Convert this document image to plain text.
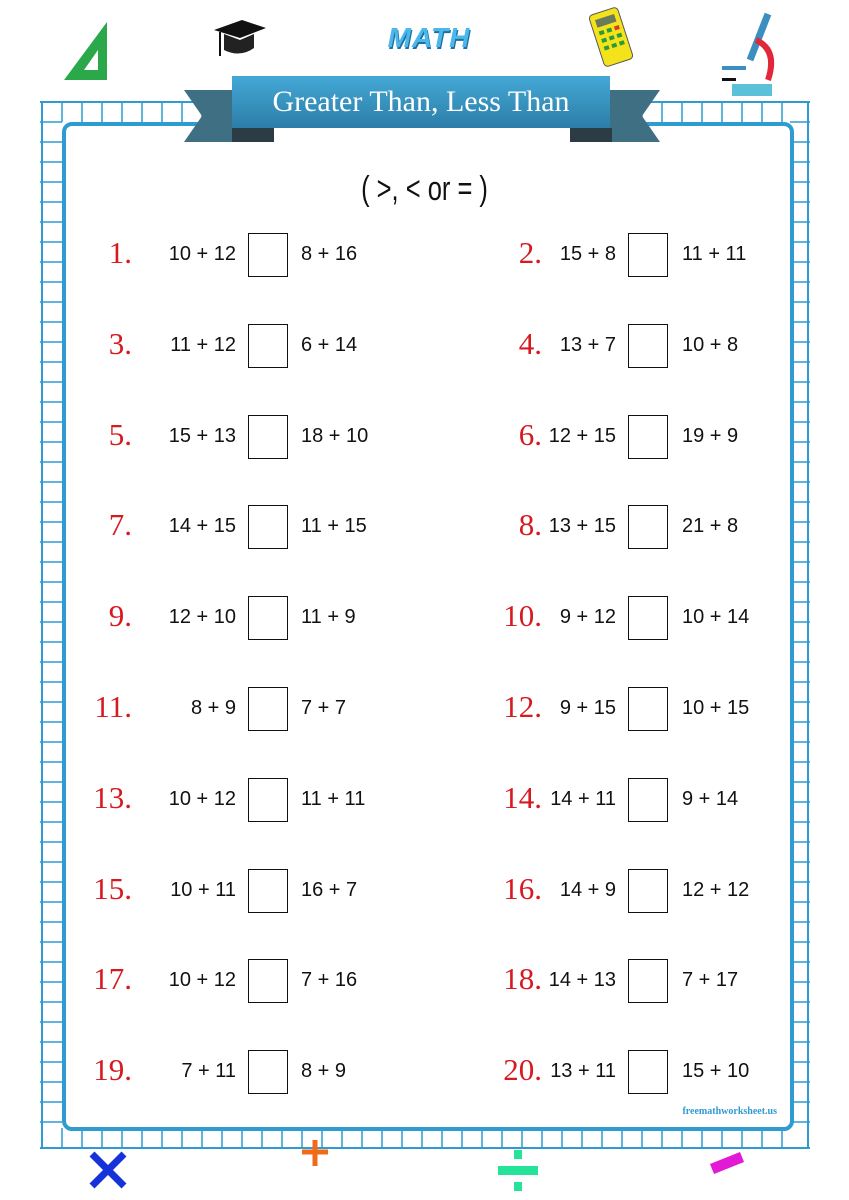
Greater Than, Less Than
MATH
( >, < or = )
1.	10 + 12	8 + 16	2. 15 + 8	11 + 11
3.	11 + 12	6 + 14	4. 13 + 7	10 + 8
5.	15 + 13	18 + 10	6. 12 + 15	19 + 9
7.	14 + 15	11 + 15	8. 13 + 15	21 + 8
9.	12 + 10	11 + 9	10. 9 + 12	10 + 14
11.	8 + 9	7 + 7	12. 9 + 15	10 + 15
13.	10 + 12	11 + 11	14. 14 + 11	9 + 14
15.	10 + 11	16 + 7	16. 14 + 9	12 + 12
17.	10 + 12	7 + 16	18. 14 + 13	7 + 17
19.	7 + 11	8 + 9	20. 13 + 11	15 + 10
freemathworksheet.us
